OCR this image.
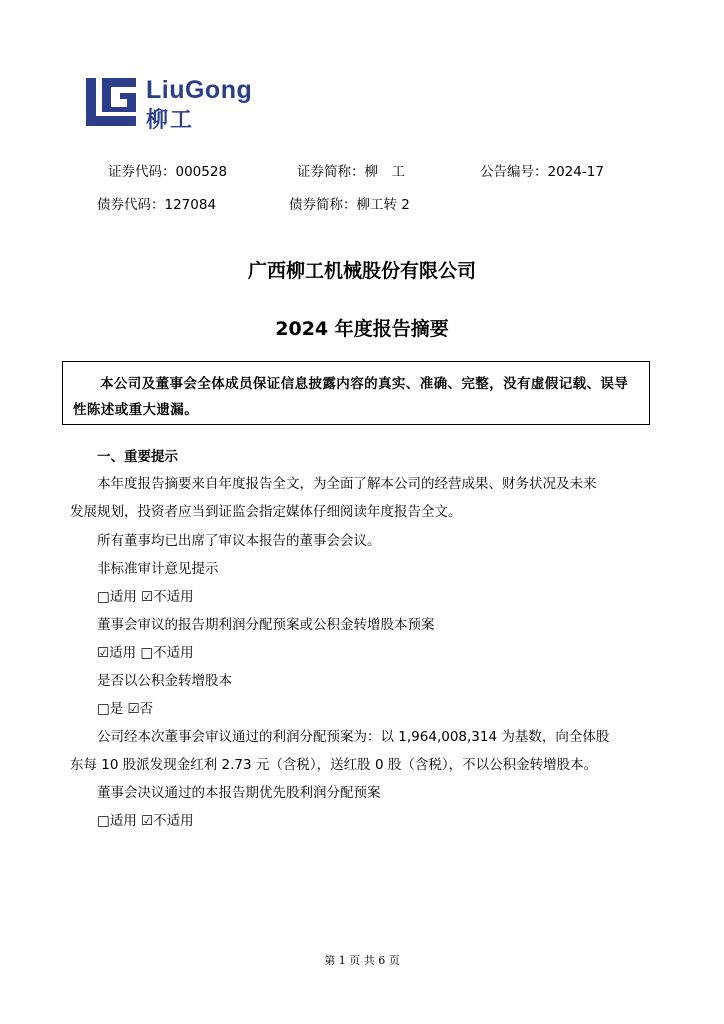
LiuGong
柳工
证券代码：000528	证券简称：柳　工	公告编号：2024-17
债券代码：127084	债券简称：柳工转 2
广西柳工机械股份有限公司
2024 年度报告摘要
本公司及董事会全体成员保证信息披露内容的真实、准确、完整，没有虚假记载、误导性陈述或重大遗漏。
一、重要提示
本年度报告摘要来自年度报告全文，为全面了解本公司的经营成果、财务状况及未来
发展规划，投资者应当到证监会指定媒体仔细阅读年度报告全文。
所有董事均已出席了审议本报告的董事会会议。
非标准审计意见提示
□适用 ☑不适用
董事会审议的报告期利润分配预案或公积金转增股本预案
☑适用 □不适用
是否以公积金转增股本
□是 ☑否
公司经本次董事会审议通过的利润分配预案为：以 1,964,008,314 为基数，向全体股
东每 10 股派发现金红利 2.73 元（含税），送红股 0 股（含税），不以公积金转增股本。
董事会决议通过的本报告期优先股利润分配预案
□适用 ☑不适用
第 1 页 共 6 页
